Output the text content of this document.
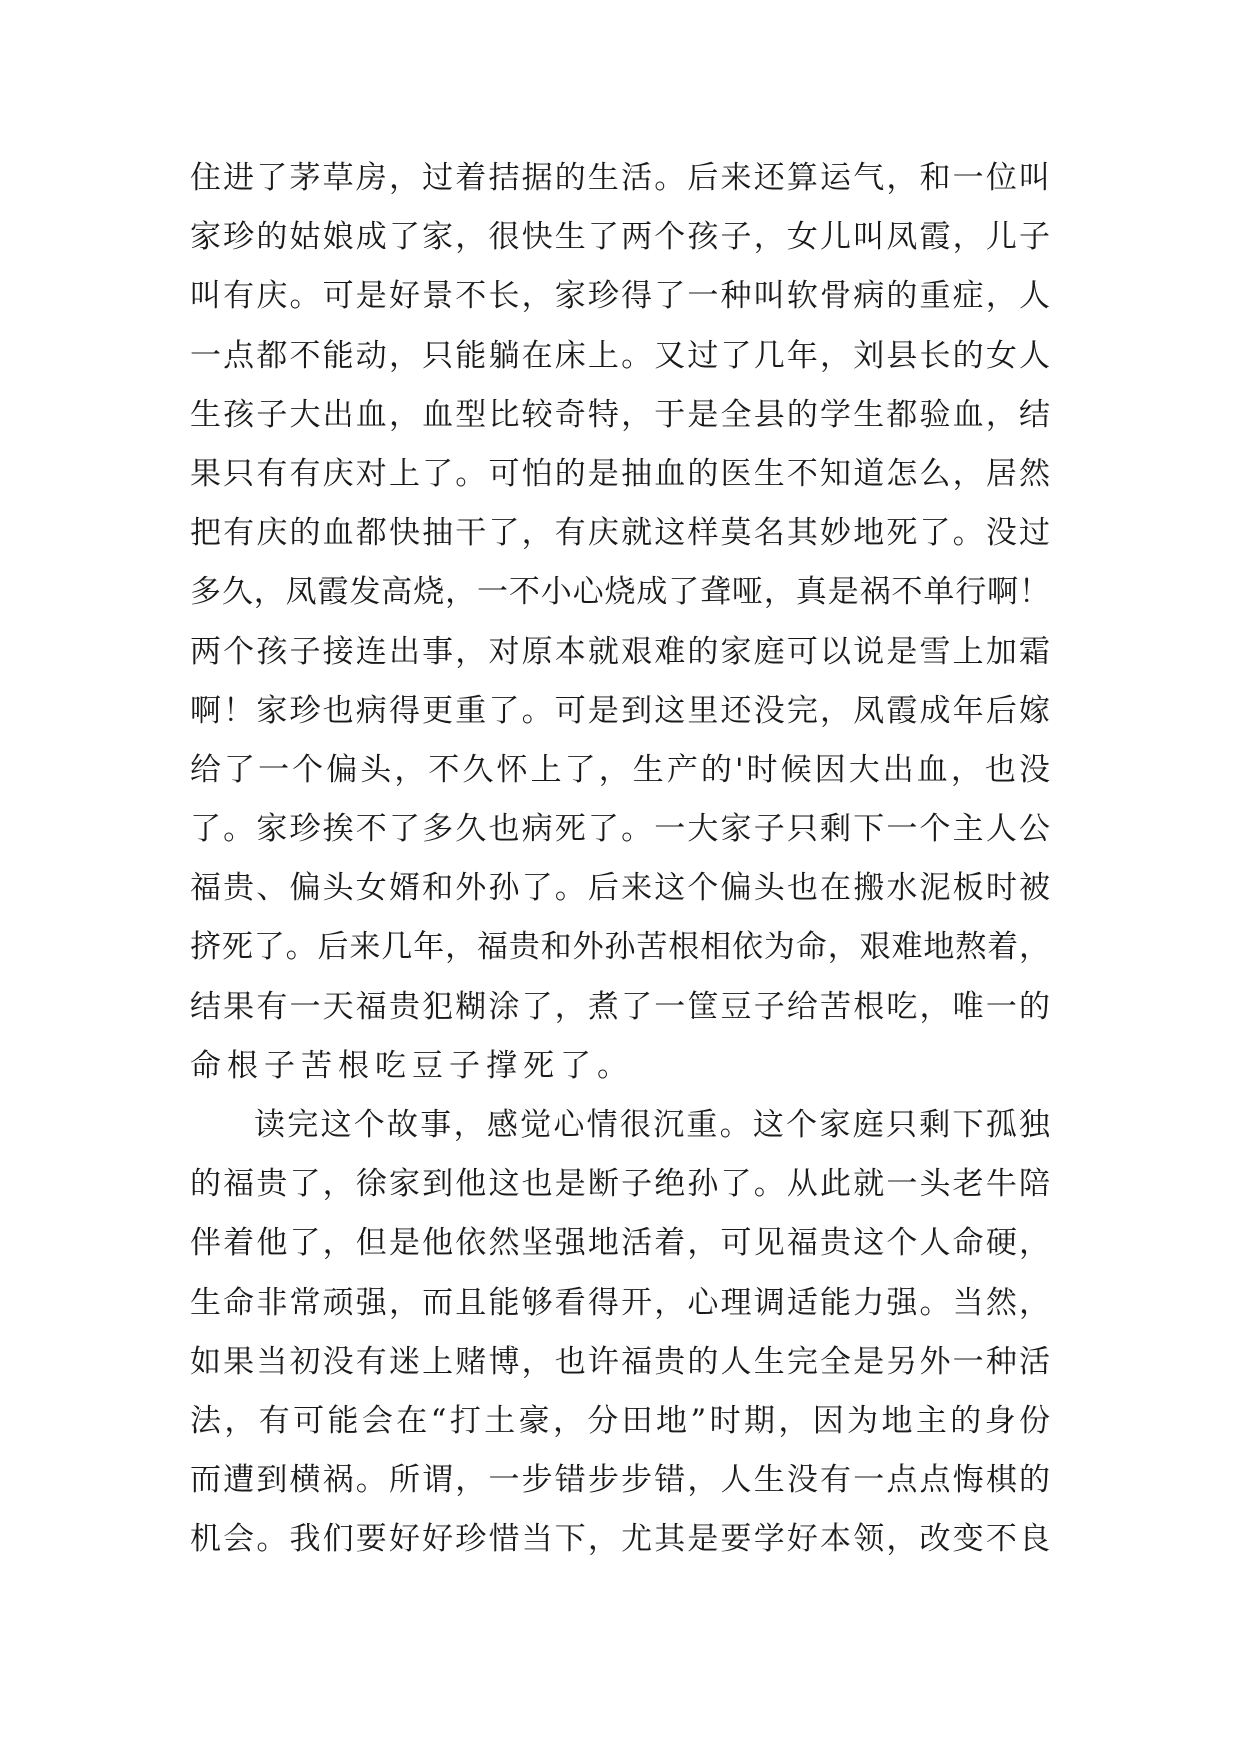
住进了茅草房，过着拮据的生活。后来还算运气，和一位叫
家珍的姑娘成了家，很快生了两个孩子，女儿叫凤霞，儿子
叫有庆。可是好景不长，家珍得了一种叫软骨病的重症，人
一点都不能动，只能躺在床上。又过了几年，刘县长的女人
生孩子大出血，血型比较奇特，于是全县的学生都验血，结
果只有有庆对上了。可怕的是抽血的医生不知道怎么，居然
把有庆的血都快抽干了，有庆就这样莫名其妙地死了。没过
多久，凤霞发高烧，一不小心烧成了聋哑，真是祸不单行啊！
两个孩子接连出事，对原本就艰难的家庭可以说是雪上加霜
啊！家珍也病得更重了。可是到这里还没完，凤霞成年后嫁
给了一个偏头，不久怀上了，生产的'时候因大出血，也没
了。家珍挨不了多久也病死了。一大家子只剩下一个主人公
福贵、偏头女婿和外孙了。后来这个偏头也在搬水泥板时被
挤死了。后来几年，福贵和外孙苦根相依为命，艰难地熬着，
结果有一天福贵犯糊涂了，煮了一筐豆子给苦根吃，唯一的
命根子苦根吃豆子撑死了。
读完这个故事，感觉心情很沉重。这个家庭只剩下孤独
的福贵了，徐家到他这也是断子绝孙了。从此就一头老牛陪
伴着他了，但是他依然坚强地活着，可见福贵这个人命硬，
生命非常顽强，而且能够看得开，心理调适能力强。当然，
如果当初没有迷上赌博，也许福贵的人生完全是另外一种活
法，有可能会在“打土豪，分田地”时期，因为地主的身份
而遭到横祸。所谓，一步错步步错，人生没有一点点悔棋的
机会。我们要好好珍惜当下，尤其是要学好本领，改变不良
